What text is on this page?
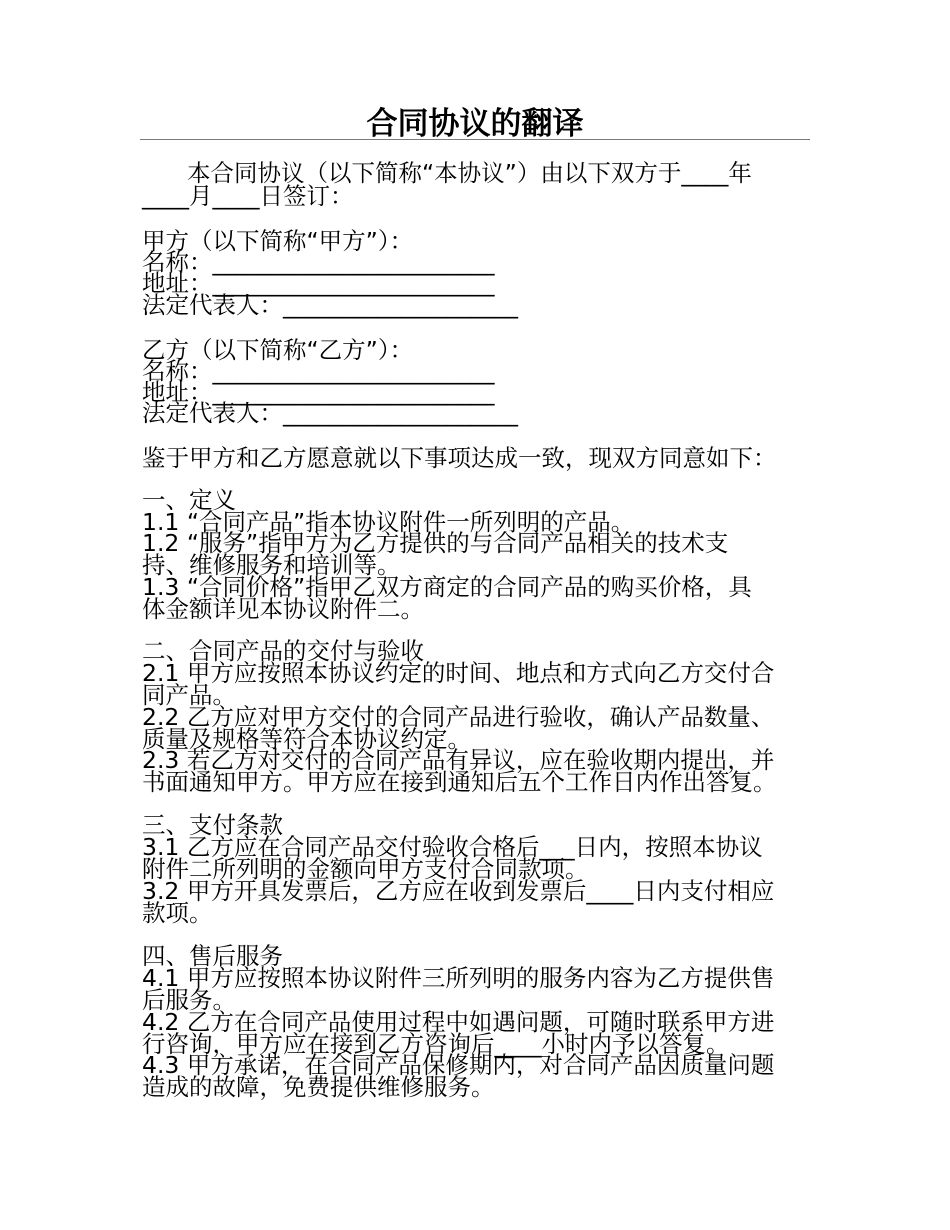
合同协议的翻译
本合同协议（以下简称“本协议”）由以下双方于____年
____月____日签订：
甲方（以下简称“甲方”）：
名称：________________________
地址：________________________
法定代表人：____________________
乙方（以下简称“乙方”）：
名称：________________________
地址：________________________
法定代表人：____________________
鉴于甲方和乙方愿意就以下事项达成一致，现双方同意如下：
一、定义
1.1 “合同产品”指本协议附件一所列明的产品。
1.2 “服务”指甲方为乙方提供的与合同产品相关的技术支
持、维修服务和培训等。
1.3 “合同价格”指甲乙双方商定的合同产品的购买价格，具
体金额详见本协议附件二。
二、合同产品的交付与验收
2.1 甲方应按照本协议约定的时间、地点和方式向乙方交付合
同产品。
2.2 乙方应对甲方交付的合同产品进行验收，确认产品数量、
质量及规格等符合本协议约定。
2.3 若乙方对交付的合同产品有异议，应在验收期内提出，并
书面通知甲方。甲方应在接到通知后五个工作日内作出答复。
三、支付条款
3.1 乙方应在合同产品交付验收合格后___日内，按照本协议
附件二所列明的金额向甲方支付合同款项。
3.2 甲方开具发票后，乙方应在收到发票后____日内支付相应
款项。
四、售后服务
4.1 甲方应按照本协议附件三所列明的服务内容为乙方提供售
后服务。
4.2 乙方在合同产品使用过程中如遇问题，可随时联系甲方进
行咨询，甲方应在接到乙方咨询后____小时内予以答复。
4.3 甲方承诺，在合同产品保修期内，对合同产品因质量问题
造成的故障，免费提供维修服务。
